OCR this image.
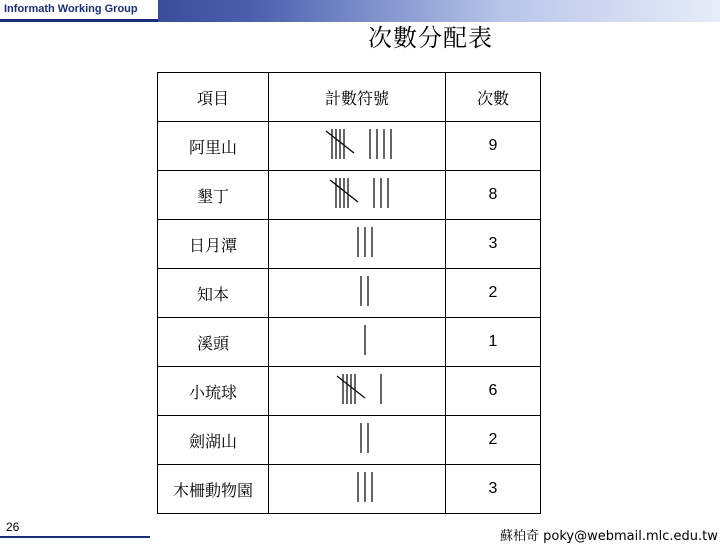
Informath Working Group
次數分配表
項目	計數符號	次數
阿里山		9
墾丁		8
日月潭		3
知本		2
溪頭		1
小琉球		6
劍湖山		2
木柵動物園		3
26
蘇柏奇 poky@webmail.mlc.edu.tw
